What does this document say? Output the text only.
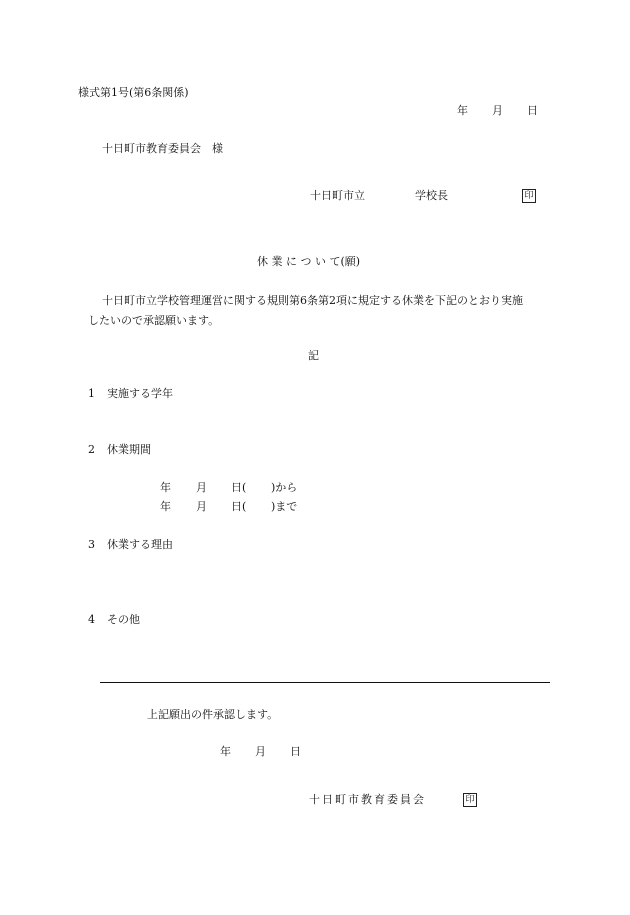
様式第1号(第6条関係)
年 月 日
十日町市教育委員会　様
十日町市立	学校長	印
休 業 に つ い て(願)
十日町市立学校管理運営に関する規則第6条第2項に規定する休業を下記のとおり実施
したいので承認願います。
記
1 実施する学年
2 休業期間
年 月 日( )から
年 月 日( )まで
3 休業する理由
4 その他
上記願出の件承認します。
年 月 日
十日町市教育委員会	印
